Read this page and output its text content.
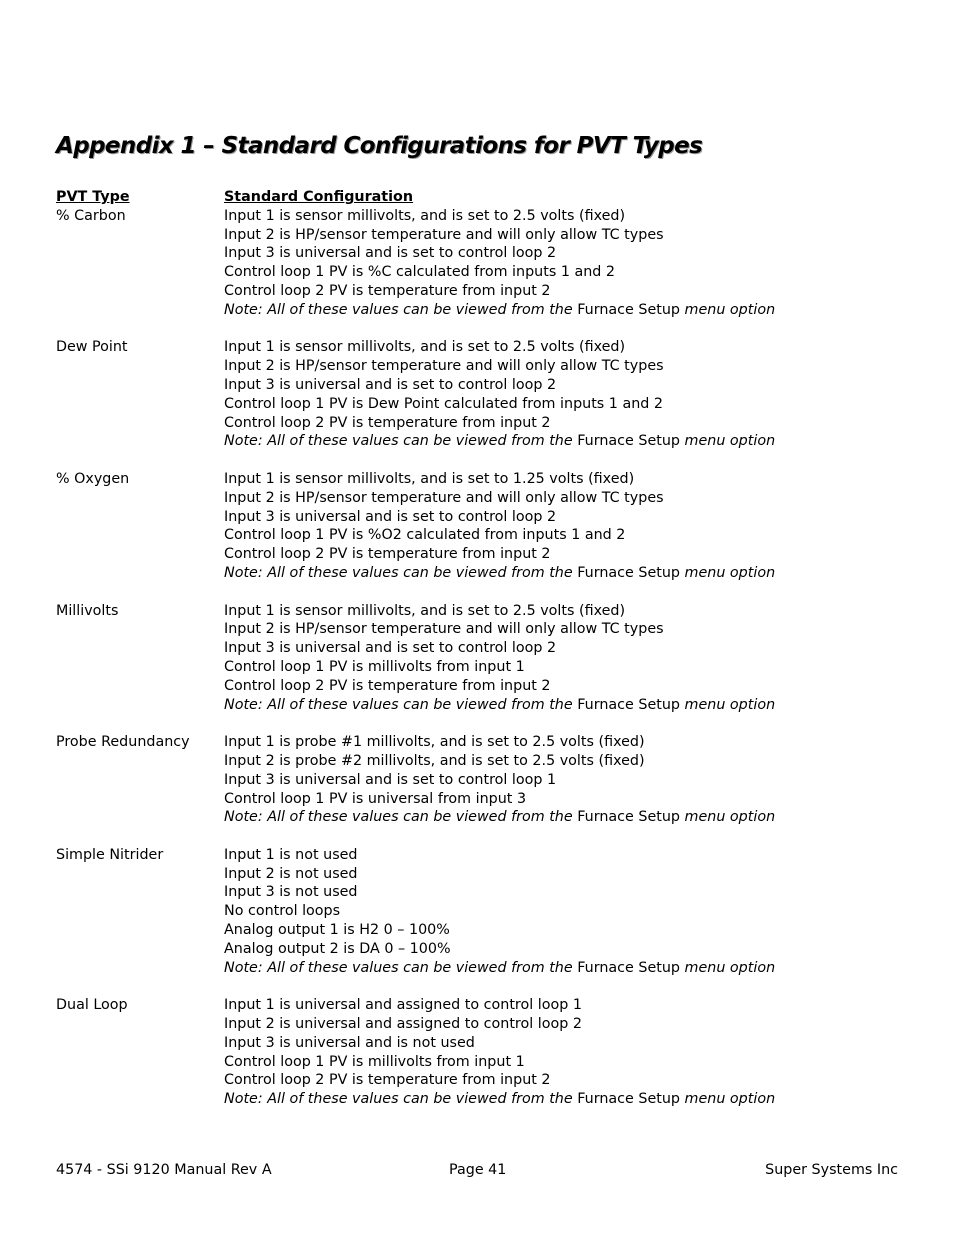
Appendix 1 – Standard Configurations for PVT Types
PVT Type	Standard Configuration
% Carbon	Input 1 is sensor millivolts, and is set to 2.5 volts (fixed)
Input 2 is HP/sensor temperature and will only allow TC types
Input 3 is universal and is set to control loop 2
Control loop 1 PV is %C calculated from inputs 1 and 2
Control loop 2 PV is temperature from input 2
Note: All of these values can be viewed from the Furnace Setup menu option
Dew Point	Input 1 is sensor millivolts, and is set to 2.5 volts (fixed)
Input 2 is HP/sensor temperature and will only allow TC types
Input 3 is universal and is set to control loop 2
Control loop 1 PV is Dew Point calculated from inputs 1 and 2
Control loop 2 PV is temperature from input 2
Note: All of these values can be viewed from the Furnace Setup menu option
% Oxygen	Input 1 is sensor millivolts, and is set to 1.25 volts (fixed)
Input 2 is HP/sensor temperature and will only allow TC types
Input 3 is universal and is set to control loop 2
Control loop 1 PV is %O2 calculated from inputs 1 and 2
Control loop 2 PV is temperature from input 2
Note: All of these values can be viewed from the Furnace Setup menu option
Millivolts	Input 1 is sensor millivolts, and is set to 2.5 volts (fixed)
Input 2 is HP/sensor temperature and will only allow TC types
Input 3 is universal and is set to control loop 2
Control loop 1 PV is millivolts from input 1
Control loop 2 PV is temperature from input 2
Note: All of these values can be viewed from the Furnace Setup menu option
Probe Redundancy	Input 1 is probe #1 millivolts, and is set to 2.5 volts (fixed)
Input 2 is probe #2 millivolts, and is set to 2.5 volts (fixed)
Input 3 is universal and is set to control loop 1
Control loop 1 PV is universal from input 3
Note: All of these values can be viewed from the Furnace Setup menu option
Simple Nitrider	Input 1 is not used
Input 2 is not used
Input 3 is not used
No control loops
Analog output 1 is H2 0 – 100%
Analog output 2 is DA 0 – 100%
Note: All of these values can be viewed from the Furnace Setup menu option
Dual Loop	Input 1 is universal and assigned to control loop 1
Input 2 is universal and assigned to control loop 2
Input 3 is universal and is not used
Control loop 1 PV is millivolts from input 1
Control loop 2 PV is temperature from input 2
Note: All of these values can be viewed from the Furnace Setup menu option
4574 - SSi 9120 Manual Rev A	Page 41	Super Systems Inc
